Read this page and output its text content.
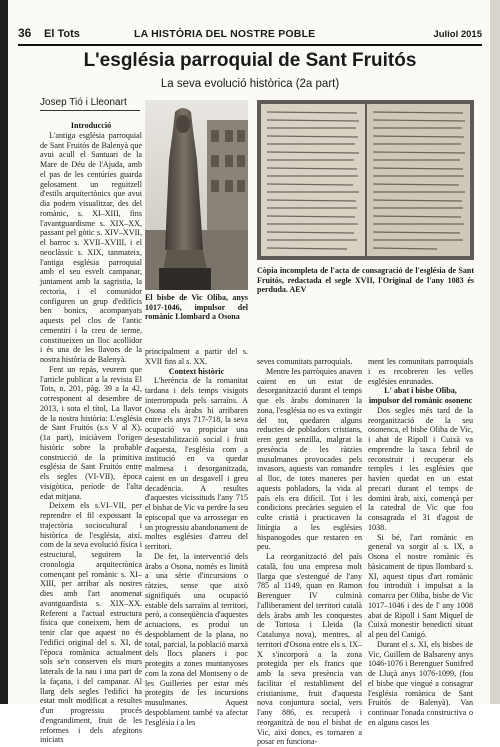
36	El Tots	LA HISTÒRIA DEL NOSTRE POBLE	Juliol 2015
L'església parroquial de Sant Fruitós
La seva evolució històrica (2a part)
Josep Tió i Lleonart

Introducció

L'antiga església parroquial de Sant Fruitós de Balenyà que avui acull el Santuari de la Mare de Déu de l'Ajuda, amb el pas de les centúries guarda gelosament un reguitzell d'estils arquitectònics que avui dia podem visualitzar, des del romànic, s. XI–XIII, fins l'avantguardisme s. XIX–XX, passant pel gòtic s. XIV–XVII, el barroc s. XVII–XVIII, i el neoclàssic s. XIX, tanmateix, l'antiga església parroquial amb el seu esvelt campanar, juntament amb la sagristia, la rectoria, i el comunidor configuren un grup d'edificis ben bonics, acompanyats aquests pel clos de l'antic cementiri i la creu de terme, constitueixen un lloc acollidor i és una de les llavors de la nostra història de Balenyà.

Fent un repàs, veurem que l'article publicat a la revista El Tots, n. 201, pàg. 39 a la 42, corresponent al desembre de 2013, i sota el títol, La llavor de la nostra història: L'església de Sant Fruitós (s.s V al X), (1a part), iniciàvem l'origen històric sobre la probable construcció de la primitiva església de Sant Fruitós entre els segles (VI-VII), època visigòtica, període de l'alta edat mitjana.

Deixem els s.VI–VII, per reprendre el fil expossant la trajectòria sociocultural i històrica de l'església, així, com de la seva evolució física i estructural, seguirem la cronologia arquitectònica començant pel romànic s. XI–XIII, per arribar als nostres dies amb l'art anomenat avantguardista s. XIX–XX. Referent a l'actual estructura física que coneixem, hem de tenir clar que aquest no és l'edifici original del s. XI, de l'època romànica actualment sols se'n conserven els murs laterals de la nau i una part de la façana, i del campanar. Al llarg dels segles l'edifici ha estat molt modificat a resultes d'un progressiu procés d'engrandiment, fruit de les reformes i dels afegitons iniciats

El bisbe de Vic Oliba, anys 1017-1046, impulsor del romànic Llombard a Osona

principalment a partir del s. XVII fins al s. XX.

Context històric

L'herència de la romanitat tardana i dels temps visigots interrompuda pels sarraïns. A Osona els àrabs hi arribaren entre els anys 717-718, la seva ocupació va propiciar una desestabilització social i fruit d'aquesta, l'església com a institució en va quedar malmesa i desorganitzada, caient en un desgavell i greu decadència. A resultes d'aquestes vicissituds l'any 715 el bisbat de Vic va perdre la seu episcopal que va arrossegar en un progressiu abandonament de moltes esglésies d'arreu del territori.

De fet, la intervenció dels àrabs a Osona, només es limità a una sèrie d'incursions o ràtzies, sense que això signifiqués una ocupació estable dels sarraïns al territori, però, a conseqüència d'aquestes actuacions, es produí un despoblament de la plana, no total, parcial, la població marxà dels llocs planers i poc protegits a zones muntanyoses com la zona del Montseny o de les Guilleries per estar més protegits de les incursions musulmanes. Aquest despoblament també va afectar l'església i a les

Còpia incompleta de l'acta de consagració de l'església de Sant Fruitós, redactada el segle XVII, l'Original de l'any 1083 és perduda. AEV

seves comunitats parroquials.

Mentre les parròquies anaven caient en un estat de desorganització durant el temps que els àrabs dominaren la zona, l'església no es va extingir del tot, quedaren alguns reductes de pobladors cristians, eren gent senzilla, malgrat la presència de les ràtzies musulmanes provocades pels invasors, aquests van romandre al lloc, de totes maneres per aquests pobladors, la vida al país els era difícil. Tot i les condicions precàries seguien el culte cristià i practicaven la litúrgia a les esglésies hispanogodes que restaren en peu.

La reorganització del país català, fou una empresa molt llarga que s'estengué de l'any 785 al 1149, quan en Ramon Berenguer IV culminà l'alliberament del territori català dels àrabs amb les conquestes de Tortosa i Lleida (la Catalunya nova), mentres, al territori d'Osona entre els s. IX–X s'incorporà a la zona protegida per els francs que amb la seva presència van facilitar el restabliment del cristianisme, fruit d'aquesta nova conjuntura social, vers l'any 886, es recuperà i reorganitzà de nou el bisbat de Vic, així doncs, es tornaren a posar en funciona-

ment les comunitats parroquials i es recobreren les velles esglésies enrunades.

L' abat i bisbe Oliba, impulsor del romànic osonenc

Dos segles més tard de la reorganització de la seu osonenca, el bisbe Oliba de Vic, i abat de Ripoll i Cuixà va emprendre la tasca febril de reconstruir i recuperar els temples i les esglésies que havien quedat en un estat precari durant el temps de domini àrab, així, començà per la catedral de Vic que fou consagrada el 31 d'agost de 1038.

Si bé, l'art romànic en general va sorgir al s. IX, a Osona el nostre romànic és bàsicament de tipus llombard s. XI, aquest tipus d'art romànic fou introduït i impulsat a la comarca per Oliba, bisbe de Vic 1017–1046 i des de l' any 1008 abat de Ripoll i Sant Miquel de Cuixà monestir benedictí situat al peu del Canigó.

Durant el s. XI, els bisbes de Vic, Guillem de Balsareny anys 1046-1076 i Berenguer Sunifred de Lluçà anys 1076-1099, (fou el bisbe que vingué a consagrar l'església romànica de Sant Fruitós de Balenyà). Van continuar l'onada constructiva o en alguns casos les
